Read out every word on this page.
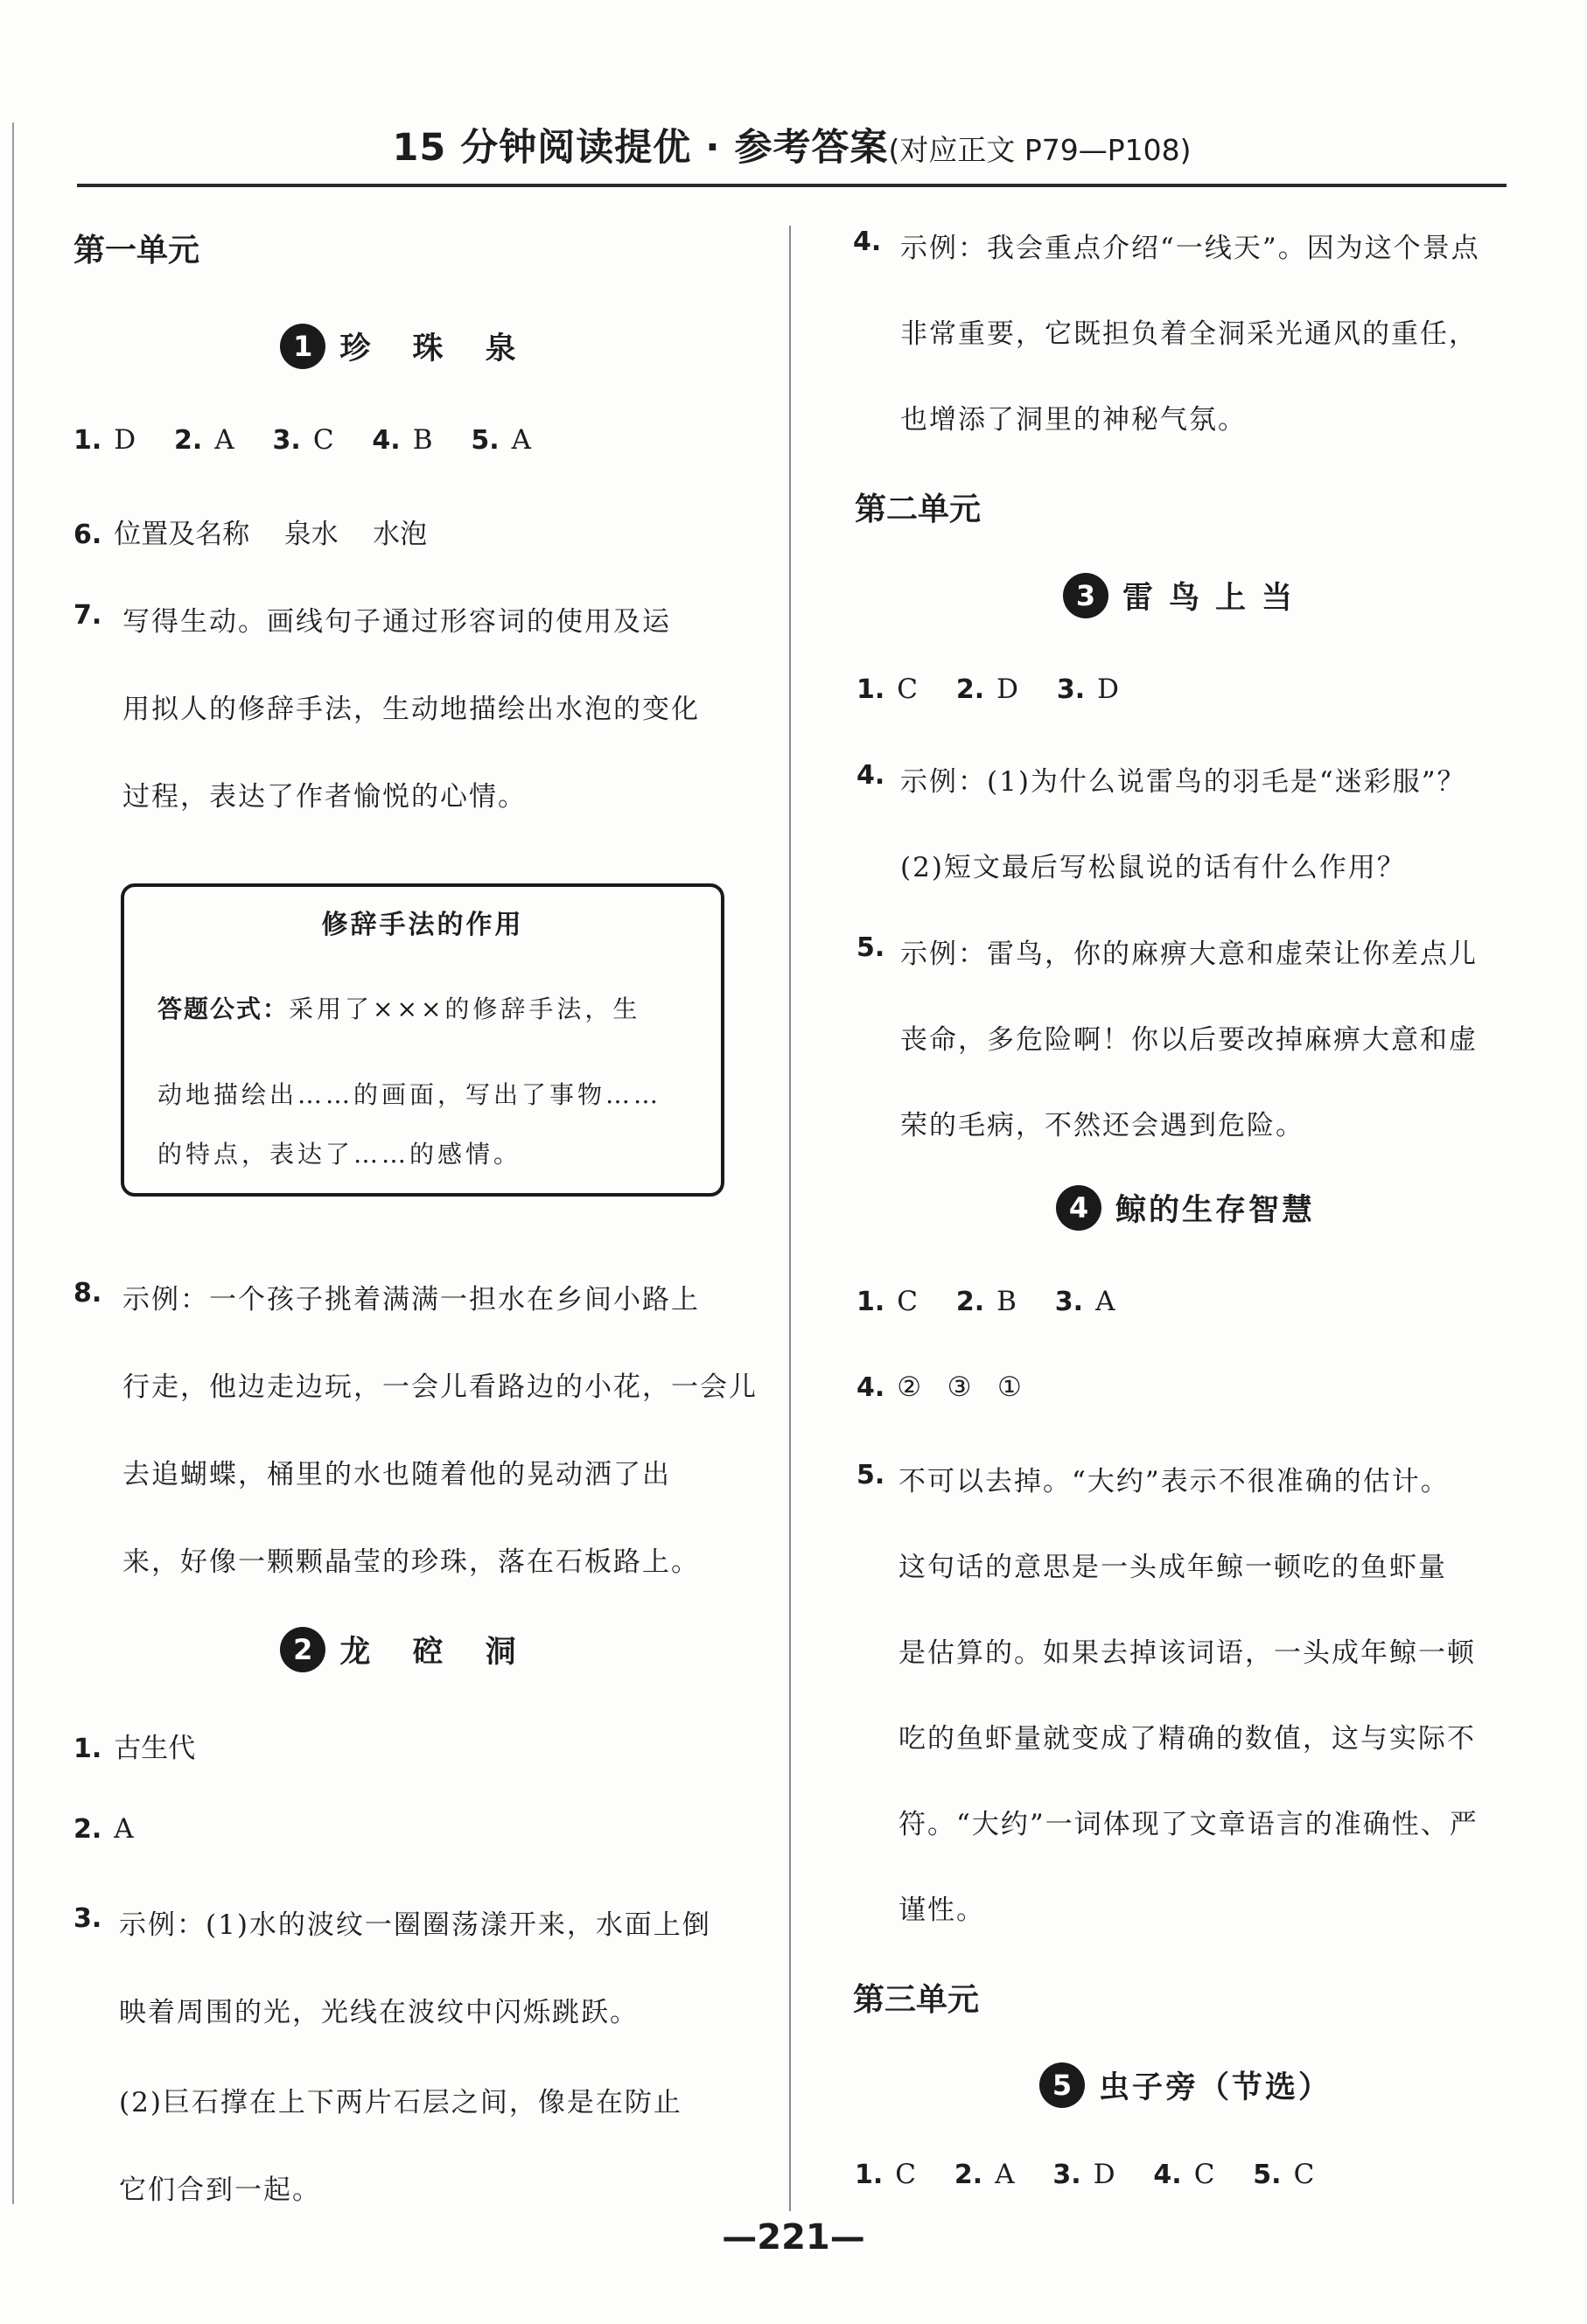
15 分钟阅读提优 · 参考答案(对应正文 P79—P108)
第一单元
1 珍 珠 泉
1. D 2. A 3. C 4. B 5. A
6. 位置及名称    泉水    水泡
7. 写得生动。画线句子通过形容词的使用及运
用拟人的修辞手法，生动地描绘出水泡的变化
过程，表达了作者愉悦的心情。
8. 示例：一个孩子挑着满满一担水在乡间小路上
行走，他边走边玩，一会儿看路边的小花，一会儿
去追蝴蝶，桶里的水也随着他的晃动洒了出
来，好像一颗颗晶莹的珍珠，落在石板路上。
2 龙 硿 洞
1. 古生代
2. A
3. 示例：(1)水的波纹一圈圈荡漾开来，水面上倒
映着周围的光，光线在波纹中闪烁跳跃。
(2)巨石撑在上下两片石层之间，像是在防止
它们合到一起。
修辞手法的作用
答题公式：采用了×××的修辞手法，生
动地描绘出……的画面，写出了事物……
的特点，表达了……的感情。
4. 示例：我会重点介绍“一线天”。因为这个景点
非常重要，它既担负着全洞采光通风的重任，
也增添了洞里的神秘气氛。
第二单元
3 雷鸟上当
1. C 2. D 3. D
4. 示例：(1)为什么说雷鸟的羽毛是“迷彩服”？
(2)短文最后写松鼠说的话有什么作用？
5. 示例：雷鸟，你的麻痹大意和虚荣让你差点儿
丧命，多危险啊！你以后要改掉麻痹大意和虚
荣的毛病，不然还会遇到危险。
4 鲸的生存智慧
1. C 2. B 3. A
4. ②   ③   ①
5. 不可以去掉。“大约”表示不很准确的估计。
这句话的意思是一头成年鲸一顿吃的鱼虾量
是估算的。如果去掉该词语，一头成年鲸一顿
吃的鱼虾量就变成了精确的数值，这与实际不
符。“大约”一词体现了文章语言的准确性、严
谨性。
第三单元
5 虫子旁（节选）
1. C 2. A 3. D 4. C 5. C
—221—
